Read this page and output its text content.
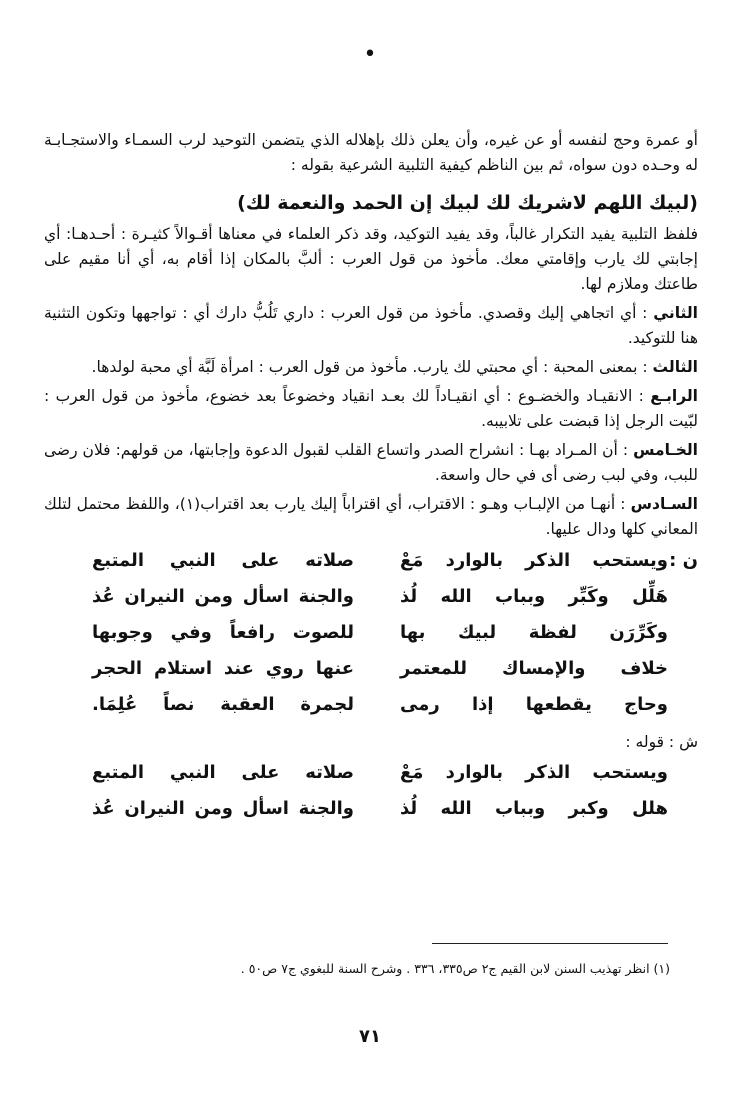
•

أو عمرة وحج لنفسه أو عن غيره، وأن يعلن ذلك بإهلاله الذي يتضمن التوحيد لرب السمـاء والاستجـابـة له وحـده دون سواه، ثم بين الناظم كيفية التلبية الشرعية بقوله :

(لبيك اللهم لاشريك لك لبيك إن الحمد والنعمة لك)

فلفظ التلبية يفيد التكرار غالباً، وقد يفيد التوكيد، وقد ذكر العلماء في معناها أقـوالاً كثيـرة : أحـدهـا: أي إجابتي لك يارب وإقامتي معك. مأخوذ من قول العرب : ألبَّ بالمكان إذا أقام به، أي أنا مقيم على طاعتك وملازم لها.

الثاني : أي اتجاهي إليك وقصدي. مأخوذ من قول العرب : داري تَلُبُّ دارك أي : تواجهها وتكون التثنية هنا للتوكيد.

الثالث : بمعنى المحبة : أي محبتي لك يارب. مأخوذ من قول العرب : امرأة لَبَّة أي محبة لولدها.

الرابـع : الانقيـاد والخضـوع : أي انقيـاداً لك بعـد انقياد وخضوعاً بعد خضوع، مأخوذ من قول العرب : لبّيت الرجل إذا قبضت على تلابيبه.

الخـامس : أن المـراد بهـا : انشراح الصدر واتساع القلب لقبول الدعوة وإجابتها، من قولهم: فلان رضى للبب، وفي لبب رضى أى في حال واسعة.

السـادس : أنهـا من الإلبـاب وهـو : الاقتراب، أي اقتراباً إليك يارب بعد اقتراب(١)، واللفظ محتمل لتلك المعاني كلها ودال عليها.

ن :
ويستحب الذكر بالوارد مَعْ
صلاته على النبي المتبع
هَلِّل وكَبِّر وبباب الله لُذ
والجنة اسأل ومن النيران عُذ
وكَرِّرَن لفظة لبيك بها
للصوت رافعاً وفي وجوبها
خلاف والإمساك للمعتمر
عنها روي عند استلام الحجر
وحاج يقطعها إذا رمى
لجمرة العقبة نصاً عُلِمَا.

ش : قوله :

ويستحب الذكر بالوارد مَعْ
صلاته على النبي المتبع
هلل وكبر وبباب الله لُذ
والجنة اسأل ومن النيران عُذ
(١) انظر تهذيب السنن لابن القيم ج٢ ص٣٣٥، ٣٣٦ . وشرح السنة للبغوي ج٧ ص٥٠ .
٧١
